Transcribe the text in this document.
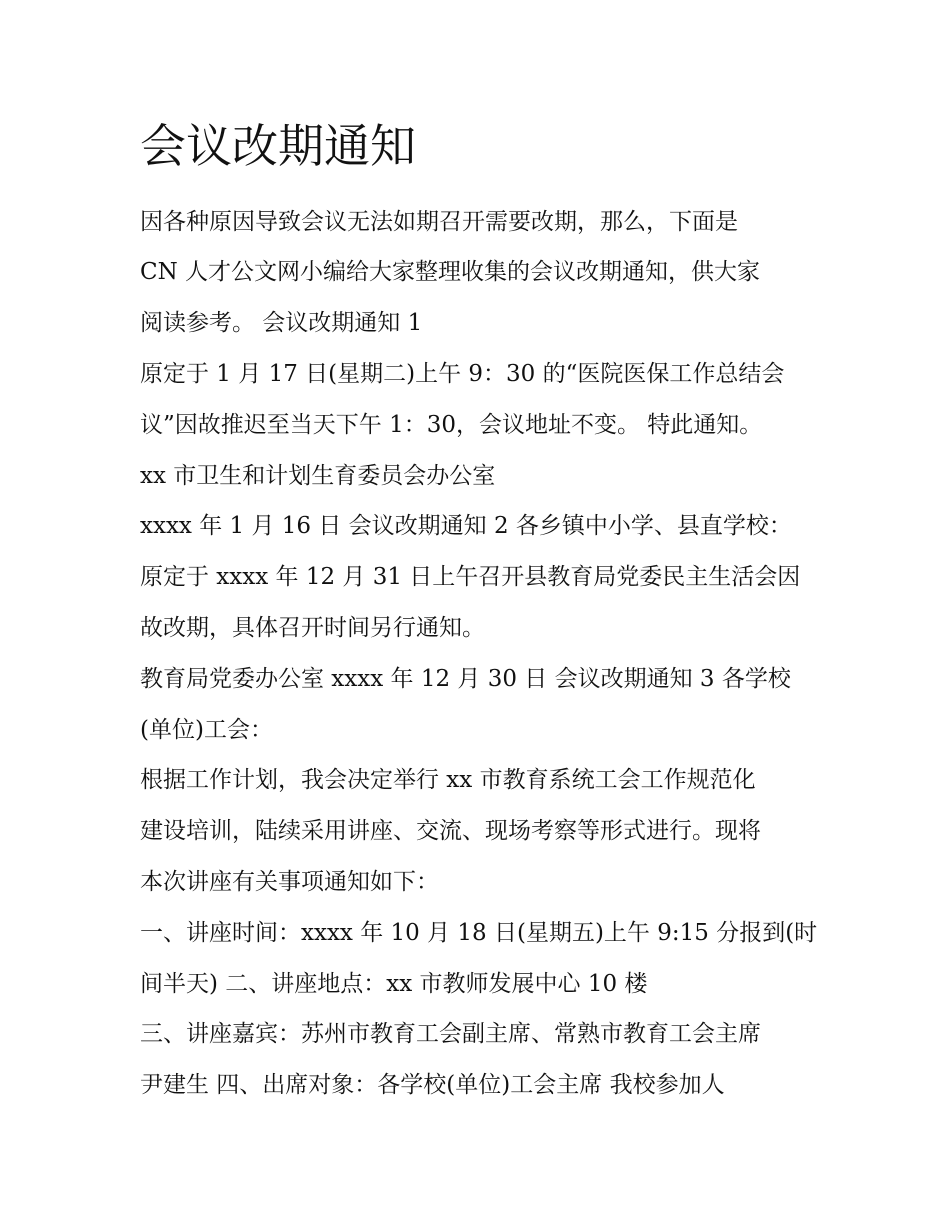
会议改期通知

因各种原因导致会议无法如期召开需要改期，那么，下面是

CN 人才公文网小编给大家整理收集的会议改期通知，供大家

阅读参考。 会议改期通知 1

原定于 1 月 17 日(星期二)上午 9：30 的“医院医保工作总结会

议”因故推迟至当天下午 1：30，会议地址不变。 特此通知。

xx 市卫生和计划生育委员会办公室

xxxx 年 1 月 16 日 会议改期通知 2 各乡镇中小学、县直学校：

原定于 xxxx 年 12 月 31 日上午召开县教育局党委民主生活会因

故改期，具体召开时间另行通知。

教育局党委办公室 xxxx 年 12 月 30 日 会议改期通知 3 各学校

(单位)工会：

根据工作计划，我会决定举行 xx 市教育系统工会工作规范化

建设培训，陆续采用讲座、交流、现场考察等形式进行。现将

本次讲座有关事项通知如下：

一、讲座时间：xxxx 年 10 月 18 日(星期五)上午 9:15 分报到(时

间半天) 二、讲座地点：xx 市教师发展中心 10 楼

三、讲座嘉宾：苏州市教育工会副主席、常熟市教育工会主席

尹建生 四、出席对象：各学校(单位)工会主席 我校参加人
